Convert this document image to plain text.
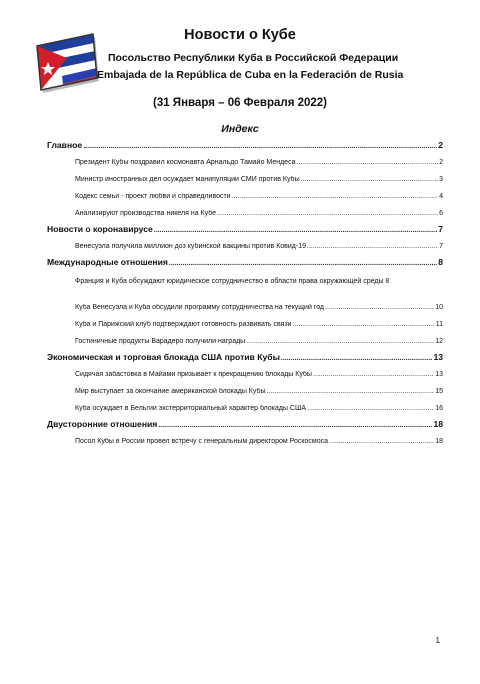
Новости о Кубе
Посольство Республики Куба в Российской Федерации
Embajada de la República de Cuba en la Federación de Rusia
(31 Января – 06 Февраля 2022)
Индекс
Главное .....	2
Президент Кубы поздравил космонавта Арнальдо Тамайо Мендеса .....	2
Министр иностранных дел осуждает манипуляции СМИ против Кубы .....	3
Кодекс семьи - проект любви и справедливости .....	4
Анализируют производства никеля на Кубе .....	6
Новости о коронавирусе .....	7
Венесуэла получила миллион доз кубинской вакцины против Ковид-19 .....	7
Международные отношения .....	8
Франция и Куба обсуждают юридическое сотрудничество в области права окружающей среды 8
Куба Венесуэла и Куба обсудили программу сотрудничества на текущий год .....	10
Куба и Парижский клуб подтверждают готовность развивать связи .....	11
Гостиничные продукты Варадеро получили награды .....	12
Экономическая и торговая блокада США против Кубы .....	13
Сидячая забастовка в Майами призывает к прекращению блокады Кубы .....	13
Мир выступает за окончание американской блокады Кубы .....	15
Куба осуждает в Бельгии экстерриториальный характер блокады США .....	16
Двусторонние отношения .....	18
Посол Кубы в России провел встречу с генеральным директором Роскосмоса .....	18
1
